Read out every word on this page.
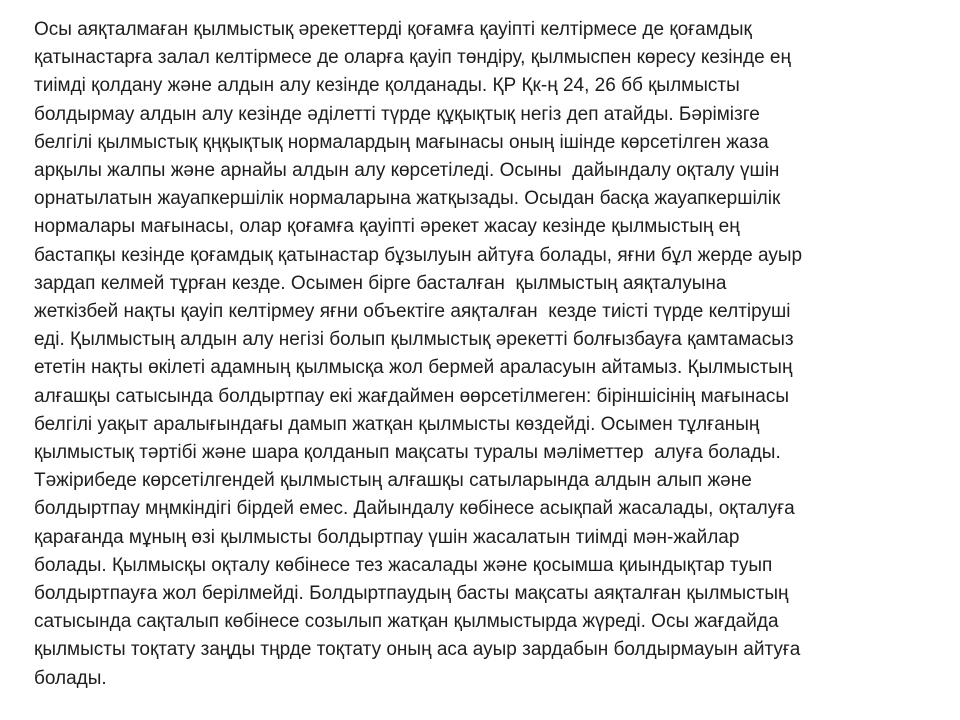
Осы аяқталмаған қылмыстық әрекеттерді қоғамға қауіпті келтірмесе де қоғамдық
қатынастарға залал келтірмесе де оларға қауіп төндіру, қылмыспен көресу кезінде ең
тиімді қолдану және алдын алу кезінде қолданады. ҚР Қк-ң 24, 26 бб қылмысты
болдырмау алдын алу кезінде әділетті түрде құқықтық негіз деп атайды. Бәрімізге
белгілі қылмыстық қңқықтық нормалардың мағынасы оның ішінде көрсетілген жаза
арқылы жалпы және арнайы алдын алу көрсетіледі. Осыны  дайындалу оқталу үшін
орнатылатын жауапкершілік нормаларына жатқызады. Осыдан басқа жауапкершілік
нормалары мағынасы, олар қоғамға қауіпті әрекет жасау кезінде қылмыстың ең
бастапқы кезінде қоғамдық қатынастар бұзылуын айтуға болады, яғни бұл жерде ауыр
зардап келмей тұрған кезде. Осымен бірге басталған  қылмыстың аяқталуына
жеткізбей нақты қауіп келтірмеу яғни объектіге аяқталған  кезде тиісті түрде келтіруші
еді. Қылмыстың алдын алу негізі болып қылмыстық әрекетті болғызбауға қамтамасыз
ететін нақты өкілеті адамның қылмысқа жол бермей араласуын айтамыз. Қылмыстың
алғашқы сатысында болдыртпау екі жағдаймен өөрсетілмеген: біріншісінің мағынасы
белгілі уақыт аралығындағы дамып жатқан қылмысты көздейді. Осымен тұлғаның
қылмыстық тәртібі және шара қолданып мақсаты туралы мәліметтер  алуға болады.
Тәжірибеде көрсетілгендей қылмыстың алғашқы сатыларында алдын алып және
болдыртпау мңмкіндігі бірдей емес. Дайындалу көбінесе асықпай жасалады, оқталуға
қарағанда мұның өзі қылмысты болдыртпау үшін жасалатын тиімді мән-жайлар
болады. Қылмысқы оқталу көбінесе тез жасалады және қосымша қиындықтар туып
болдыртпауға жол берілмейді. Болдыртпаудың басты мақсаты аяқталған қылмыстың
сатысында сақталып көбінесе созылып жатқан қылмыстырда жүреді. Осы жағдайда
қылмысты тоқтату заңды тңрде тоқтату оның аса ауыр зардабын болдырмауын айтуға
болады.
